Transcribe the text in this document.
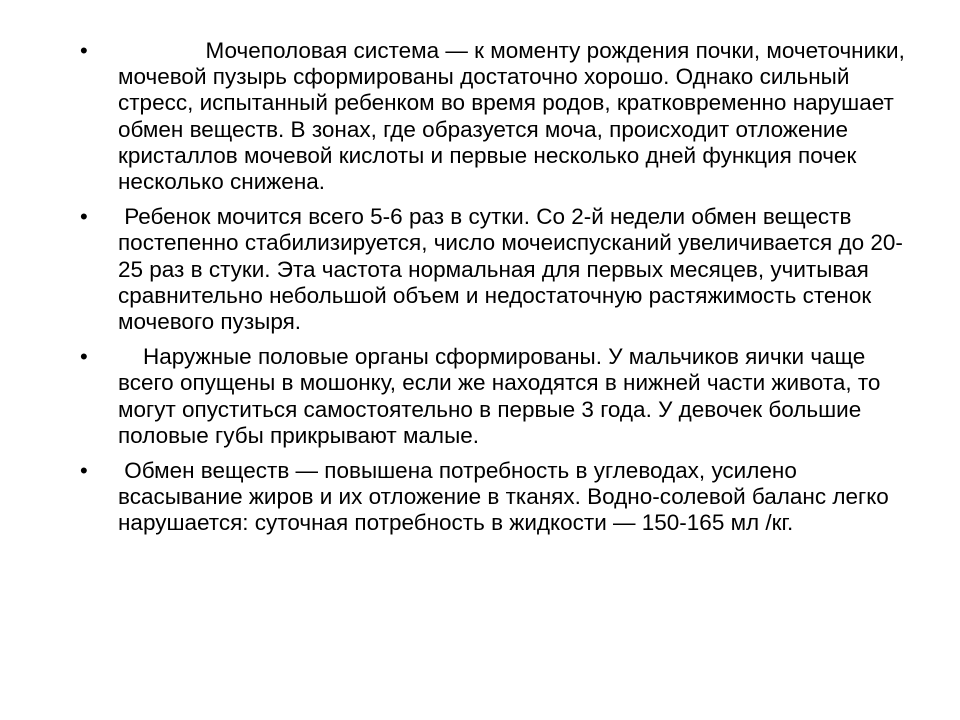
• Мочеполовая система — к моменту рождения почки, мочеточники, мочевой пузырь сформированы достаточно хорошо. Однако сильный стресс, испытанный ребенком во время родов, кратковременно нарушает обмен веществ. В зонах, где образуется моча, происходит отложение кристаллов мочевой кислоты и первые несколько дней функция почек несколько снижена.
• Ребенок мочится всего 5-6 раз в сутки. Со 2-й недели обмен веществ постепенно стабилизируется, число мочеиспусканий увеличивается до 20-25 раз в стуки. Эта частота нормальная для первых месяцев, учитывая сравнительно небольшой объем и недостаточную растяжимость стенок мочевого пузыря.
• Наружные половые органы сформированы. У мальчиков яички чаще всего опущены в мошонку, если же находятся в нижней части живота, то могут опуститься самостоятельно в первые 3 года. У девочек большие половые губы прикрывают малые.
• Обмен веществ — повышена потребность в углеводах, усилено всасывание жиров и их отложение в тканях. Водно-солевой баланс легко нарушается: суточная потребность в жидкости — 150-165 мл /кг.
